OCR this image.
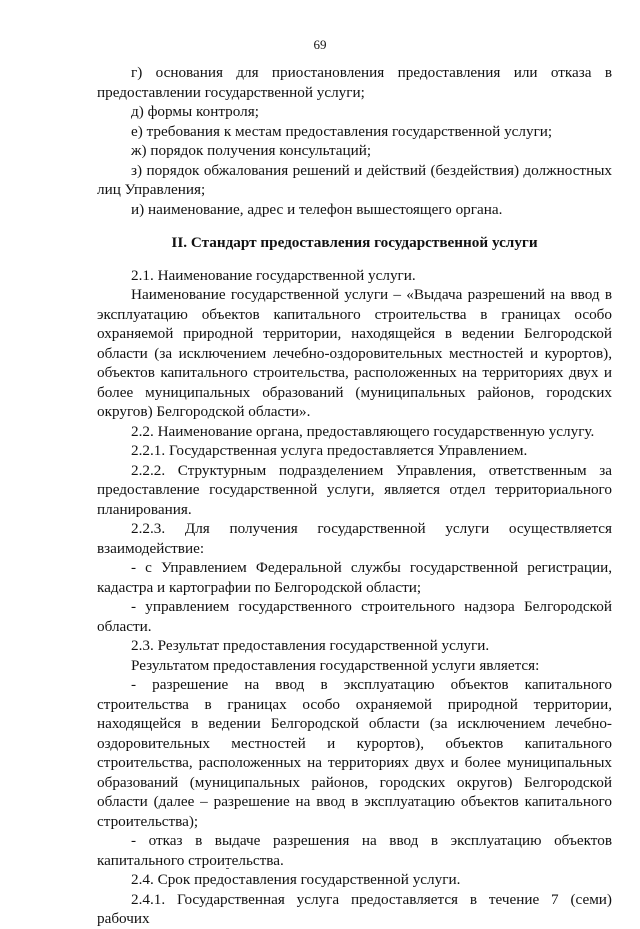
69

г) основания для приостановления предоставления или отказа в предоставлении государственной услуги;

д) формы контроля;

е) требования к местам предоставления государственной услуги;

ж) порядок получения консультаций;

з) порядок обжалования решений и действий (бездействия) должностных лиц Управления;

и) наименование, адрес и телефон вышестоящего органа.

II. Стандарт предоставления государственной услуги

2.1. Наименование государственной услуги.

Наименование государственной услуги – «Выдача разрешений на ввод в эксплуатацию объектов капитального строительства в границах особо охраняемой природной территории, находящейся в ведении Белгородской области (за исключением лечебно-оздоровительных местностей и курортов), объектов капитального строительства, расположенных на территориях двух и более муниципальных образований (муниципальных районов, городских округов) Белгородской области».

2.2. Наименование органа, предоставляющего государственную услугу.

2.2.1. Государственная услуга предоставляется Управлением.

2.2.2. Структурным подразделением Управления, ответственным за предоставление государственной услуги, является отдел территориального планирования.

2.2.3. Для получения государственной услуги осуществляется взаимодействие:

- с Управлением Федеральной службы государственной регистрации, кадастра и картографии по Белгородской области;

- управлением государственного строительного надзора Белгородской области.

2.3. Результат предоставления государственной услуги.

Результатом предоставления государственной услуги является:

- разрешение на ввод в эксплуатацию объектов капитального строительства в границах особо охраняемой природной территории, находящейся в ведении Белгородской области (за исключением лечебно-оздоровительных местностей и курортов), объектов капитального строительства, расположенных на территориях двух и более муниципальных образований (муниципальных районов, городских округов) Белгородской области (далее – разрешение на ввод в эксплуатацию объектов капитального строительства);

- отказ в выдаче разрешения на ввод в эксплуатацию объектов капитального строительства.

2.4. Срок предоставления государственной услуги.

2.4.1. Государственная услуга предоставляется в течение 7 (семи) рабочих
